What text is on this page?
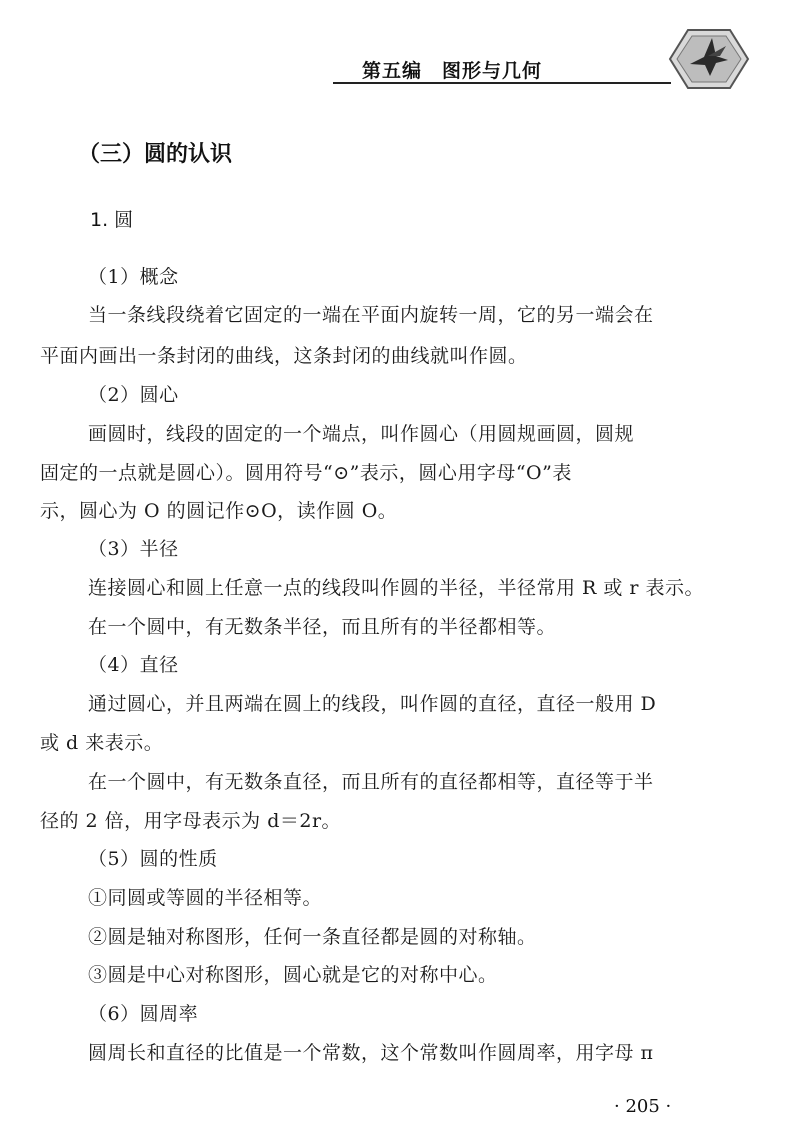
第五编　图形与几何
（三）圆的认识
1. 圆
（1）概念
当一条线段绕着它固定的一端在平面内旋转一周，它的另一端会在
平面内画出一条封闭的曲线，这条封闭的曲线就叫作圆。
（2）圆心
画圆时，线段的固定的一个端点，叫作圆心（用圆规画圆，圆规
固定的一点就是圆心）。圆用符号“⊙”表示，圆心用字母“O”表
示，圆心为 O 的圆记作⊙O，读作圆 O。
（3）半径
连接圆心和圆上任意一点的线段叫作圆的半径，半径常用 R 或 r 表示。
在一个圆中，有无数条半径，而且所有的半径都相等。
（4）直径
通过圆心，并且两端在圆上的线段，叫作圆的直径，直径一般用 D
或 d 来表示。
在一个圆中，有无数条直径，而且所有的直径都相等，直径等于半
径的 2 倍，用字母表示为 d＝2r。
（5）圆的性质
①同圆或等圆的半径相等。
②圆是轴对称图形，任何一条直径都是圆的对称轴。
③圆是中心对称图形，圆心就是它的对称中心。
（6）圆周率
圆周长和直径的比值是一个常数，这个常数叫作圆周率，用字母 π
· 205 ·
